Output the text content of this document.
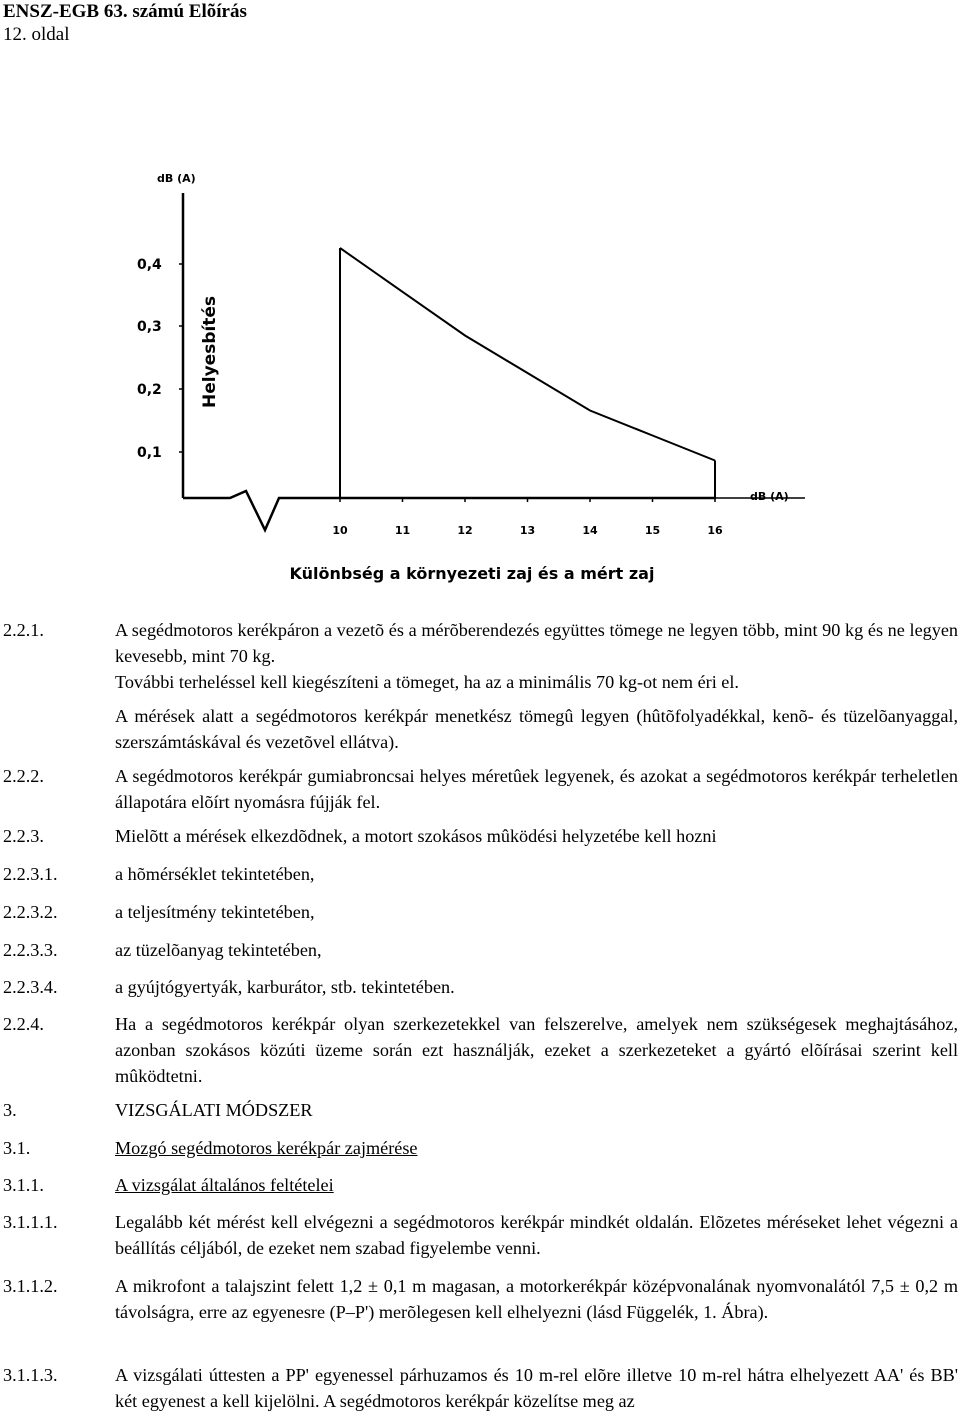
ENSZ-EGB 63. számú Elõírás
12. oldal
dB (A)
0,1
0,2
0,3
0,4
Helyesbítés
10	11	12	13	14	15	16
dB (A)
Különbség a környezeti zaj és a mért zaj
2.2.1.	A segédmotoros kerékpáron a vezetõ és a mérõberendezés együttes tömege ne legyen több, mint 90 kg és ne legyen kevesebb, mint 70 kg.
További terheléssel kell kiegészíteni a tömeget, ha az a minimális 70 kg-ot nem éri el.
A mérések alatt a segédmotoros kerékpár menetkész tömegû legyen (hûtõfolyadékkal, kenõ- és tüzelõanyaggal, szerszámtáskával és vezetõvel ellátva).
2.2.2.	A segédmotoros kerékpár gumiabroncsai helyes méretûek legyenek, és azokat a segédmotoros kerékpár terheletlen állapotára elõírt nyomásra fújják fel.
2.2.3.	Mielõtt a mérések elkezdõdnek, a motort szokásos mûködési helyzetébe kell hozni
2.2.3.1.	a hõmérséklet tekintetében,
2.2.3.2.	a teljesítmény tekintetében,
2.2.3.3.	az tüzelõanyag tekintetében,
2.2.3.4.	a gyújtógyertyák, karburátor, stb. tekintetében.
2.2.4.	Ha a segédmotoros kerékpár olyan szerkezetekkel van felszerelve, amelyek nem szükségesek meghajtásához, azonban szokásos közúti üzeme során ezt használják, ezeket a szerkezeteket a gyártó elõírásai szerint kell mûködtetni.
3.	VIZSGÁLATI MÓDSZER
3.1.	Mozgó segédmotoros kerékpár zajmérése
3.1.1.	A vizsgálat általános feltételei
3.1.1.1.	Legalább két mérést kell elvégezni a segédmotoros kerékpár mindkét oldalán. Elõzetes méréseket lehet végezni a beállítás céljából, de ezeket nem szabad figyelembe venni.
3.1.1.2.	A mikrofont a talajszint felett 1,2 ± 0,1 m magasan, a motorkerékpár középvonalának nyomvonalától 7,5 ± 0,2 m távolságra, erre az egyenesre (P–P') merõlegesen kell elhelyezni (lásd Függelék, 1. Ábra).
3.1.1.3.	A vizsgálati úttesten a PP' egyenessel párhuzamos és 10 m-rel elõre illetve 10 m-rel hátra elhelyezett AA' és BB' két egyenest a kell kijelölni. A segédmotoros kerékpár közelítse meg az
